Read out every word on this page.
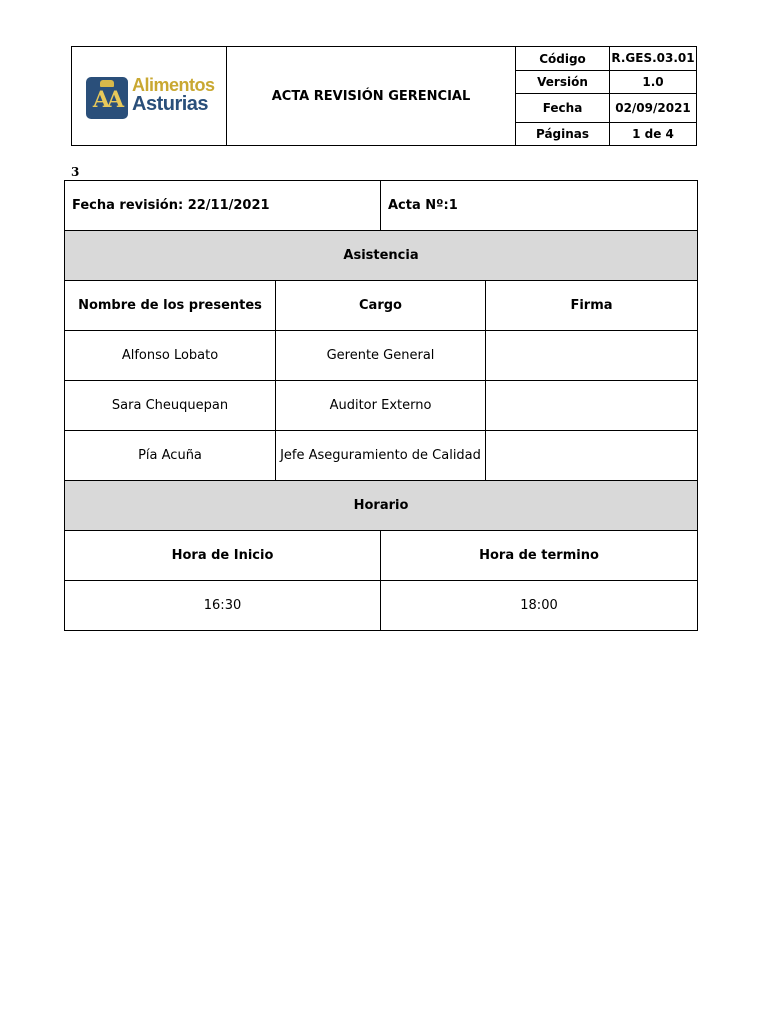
AA
Alimentos
Asturias	ACTA REVISIÓN GERENCIAL
Código	R.GES.03.01
Versión	1.0
Fecha	02/09/2021
Páginas	1 de 4
3
Fecha revisión: 22/11/2021		Acta Nº:1	
Asistencia			
Nombre de los presentes	Cargo		Firma
Alfonso Lobato	Gerente General		
Sara Cheuquepan	Auditor Externo		
Pía Acuña	Jefe Aseguramiento de Calidad		
Horario			
Hora de Inicio		Hora de termino	
16:30		18:00	
